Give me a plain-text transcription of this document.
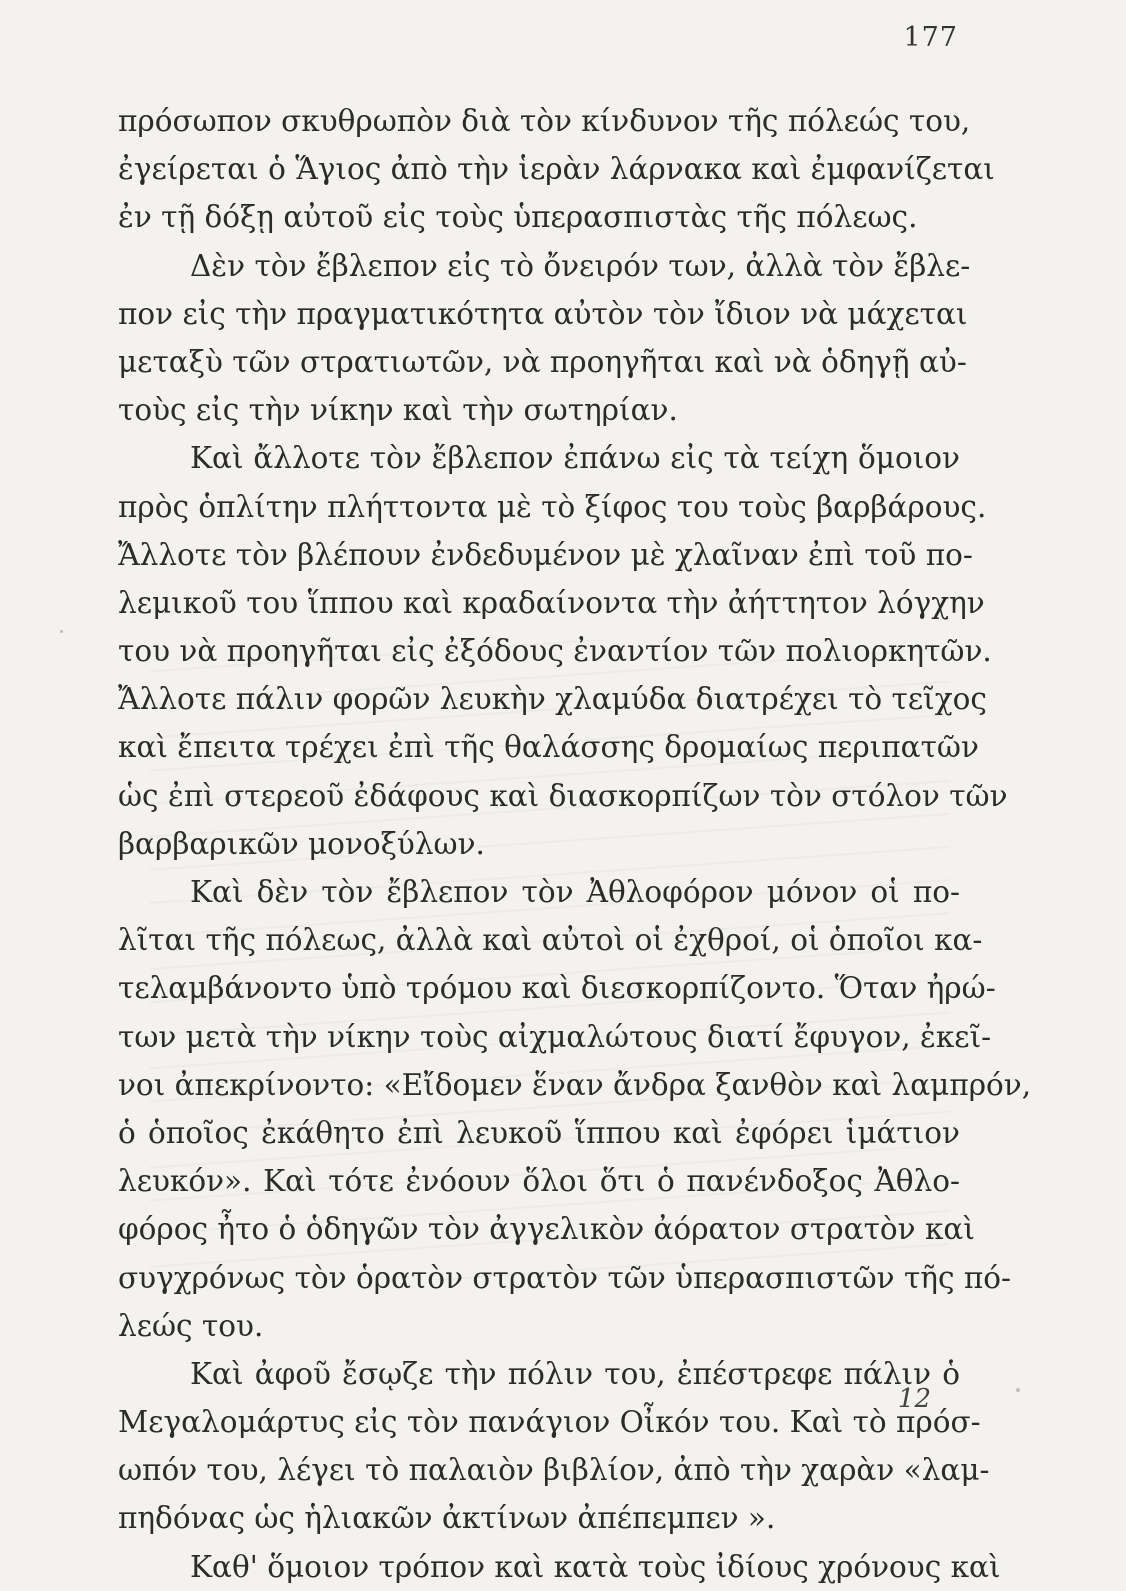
177
πρόσωπον σκυθρωπὸν διὰ τὸν κίνδυνον τῆς πόλεώς του,
ἐγείρεται ὁ Ἅγιος ἀπὸ τὴν ἱερὰν λάρνακα καὶ ἐμφανίζεται
ἐν τῇ δόξῃ αὐτοῦ εἰς τοὺς ὑπερασπιστὰς τῆς πόλεως.
Δὲν τὸν ἔβλεπον εἰς τὸ ὄνειρόν των, ἀλλὰ τὸν ἔβλε-
πον εἰς τὴν πραγματικότητα αὐτὸν τὸν ἴδιον νὰ μάχεται
μεταξὺ τῶν στρατιωτῶν, νὰ προηγῆται καὶ νὰ ὁδηγῇ αὐ-
τοὺς εἰς τὴν νίκην καὶ τὴν σωτηρίαν.
Καὶ ἄλλοτε τὸν ἔβλεπον ἐπάνω εἰς τὰ τείχη ὅμοιον
πρὸς ὁπλίτην πλήττοντα μὲ τὸ ξίφος του τοὺς βαρβάρους.
Ἄλλοτε τὸν βλέπουν ἐνδεδυμένον μὲ χλαῖναν ἐπὶ τοῦ πο-
λεμικοῦ του ἵππου καὶ κραδαίνοντα τὴν ἀήττητον λόγχην
του νὰ προηγῆται εἰς ἐξόδους ἐναντίον τῶν πολιορκητῶν.
Ἄλλοτε πάλιν φορῶν λευκὴν χλαμύδα διατρέχει τὸ τεῖχος
καὶ ἔπειτα τρέχει ἐπὶ τῆς θαλάσσης δρομαίως περιπατῶν
ὡς ἐπὶ στερεοῦ ἐδάφους καὶ διασκορπίζων τὸν στόλον τῶν
βαρβαρικῶν μονοξύλων.
Καὶ δὲν τὸν ἔβλεπον τὸν Ἀθλοφόρον μόνον οἱ πο-
λῖται τῆς πόλεως, ἀλλὰ καὶ αὐτοὶ οἱ ἐχθροί, οἱ ὁποῖοι κα-
τελαμβάνοντο ὑπὸ τρόμου καὶ διεσκορπίζοντο. Ὅταν ἠρώ-
των μετὰ τὴν νίκην τοὺς αἰχμαλώτους διατί ἔφυγον, ἐκεῖ-
νοι ἀπεκρίνοντο: «Εἴδομεν ἕναν ἄνδρα ξανθὸν καὶ λαμπρόν,
ὁ ὁποῖος ἐκάθητο ἐπὶ λευκοῦ ἵππου καὶ ἐφόρει ἱμάτιον
λευκόν». Καὶ τότε ἐνόουν ὅλοι ὅτι ὁ πανένδοξος Ἀθλο-
φόρος ἦτο ὁ ὁδηγῶν τὸν ἀγγελικὸν ἀόρατον στρατὸν καὶ
συγχρόνως τὸν ὁρατὸν στρατὸν τῶν ὑπερασπιστῶν τῆς πό-
λεώς του.
Καὶ ἀφοῦ ἔσῳζε τὴν πόλιν του, ἐπέστρεφε πάλιν ὁ
Μεγαλομάρτυς εἰς τὸν πανάγιον Οἶκόν του. Καὶ τὸ πρόσ-
ωπόν του, λέγει τὸ παλαιὸν βιβλίον, ἀπὸ τὴν χαρὰν «λαμ-
πηδόνας ὡς ἡλιακῶν ἀκτίνων ἀπέπεμπεν ».
Καθ' ὅμοιον τρόπον καὶ κατὰ τοὺς ἰδίους χρόνους καὶ
12
